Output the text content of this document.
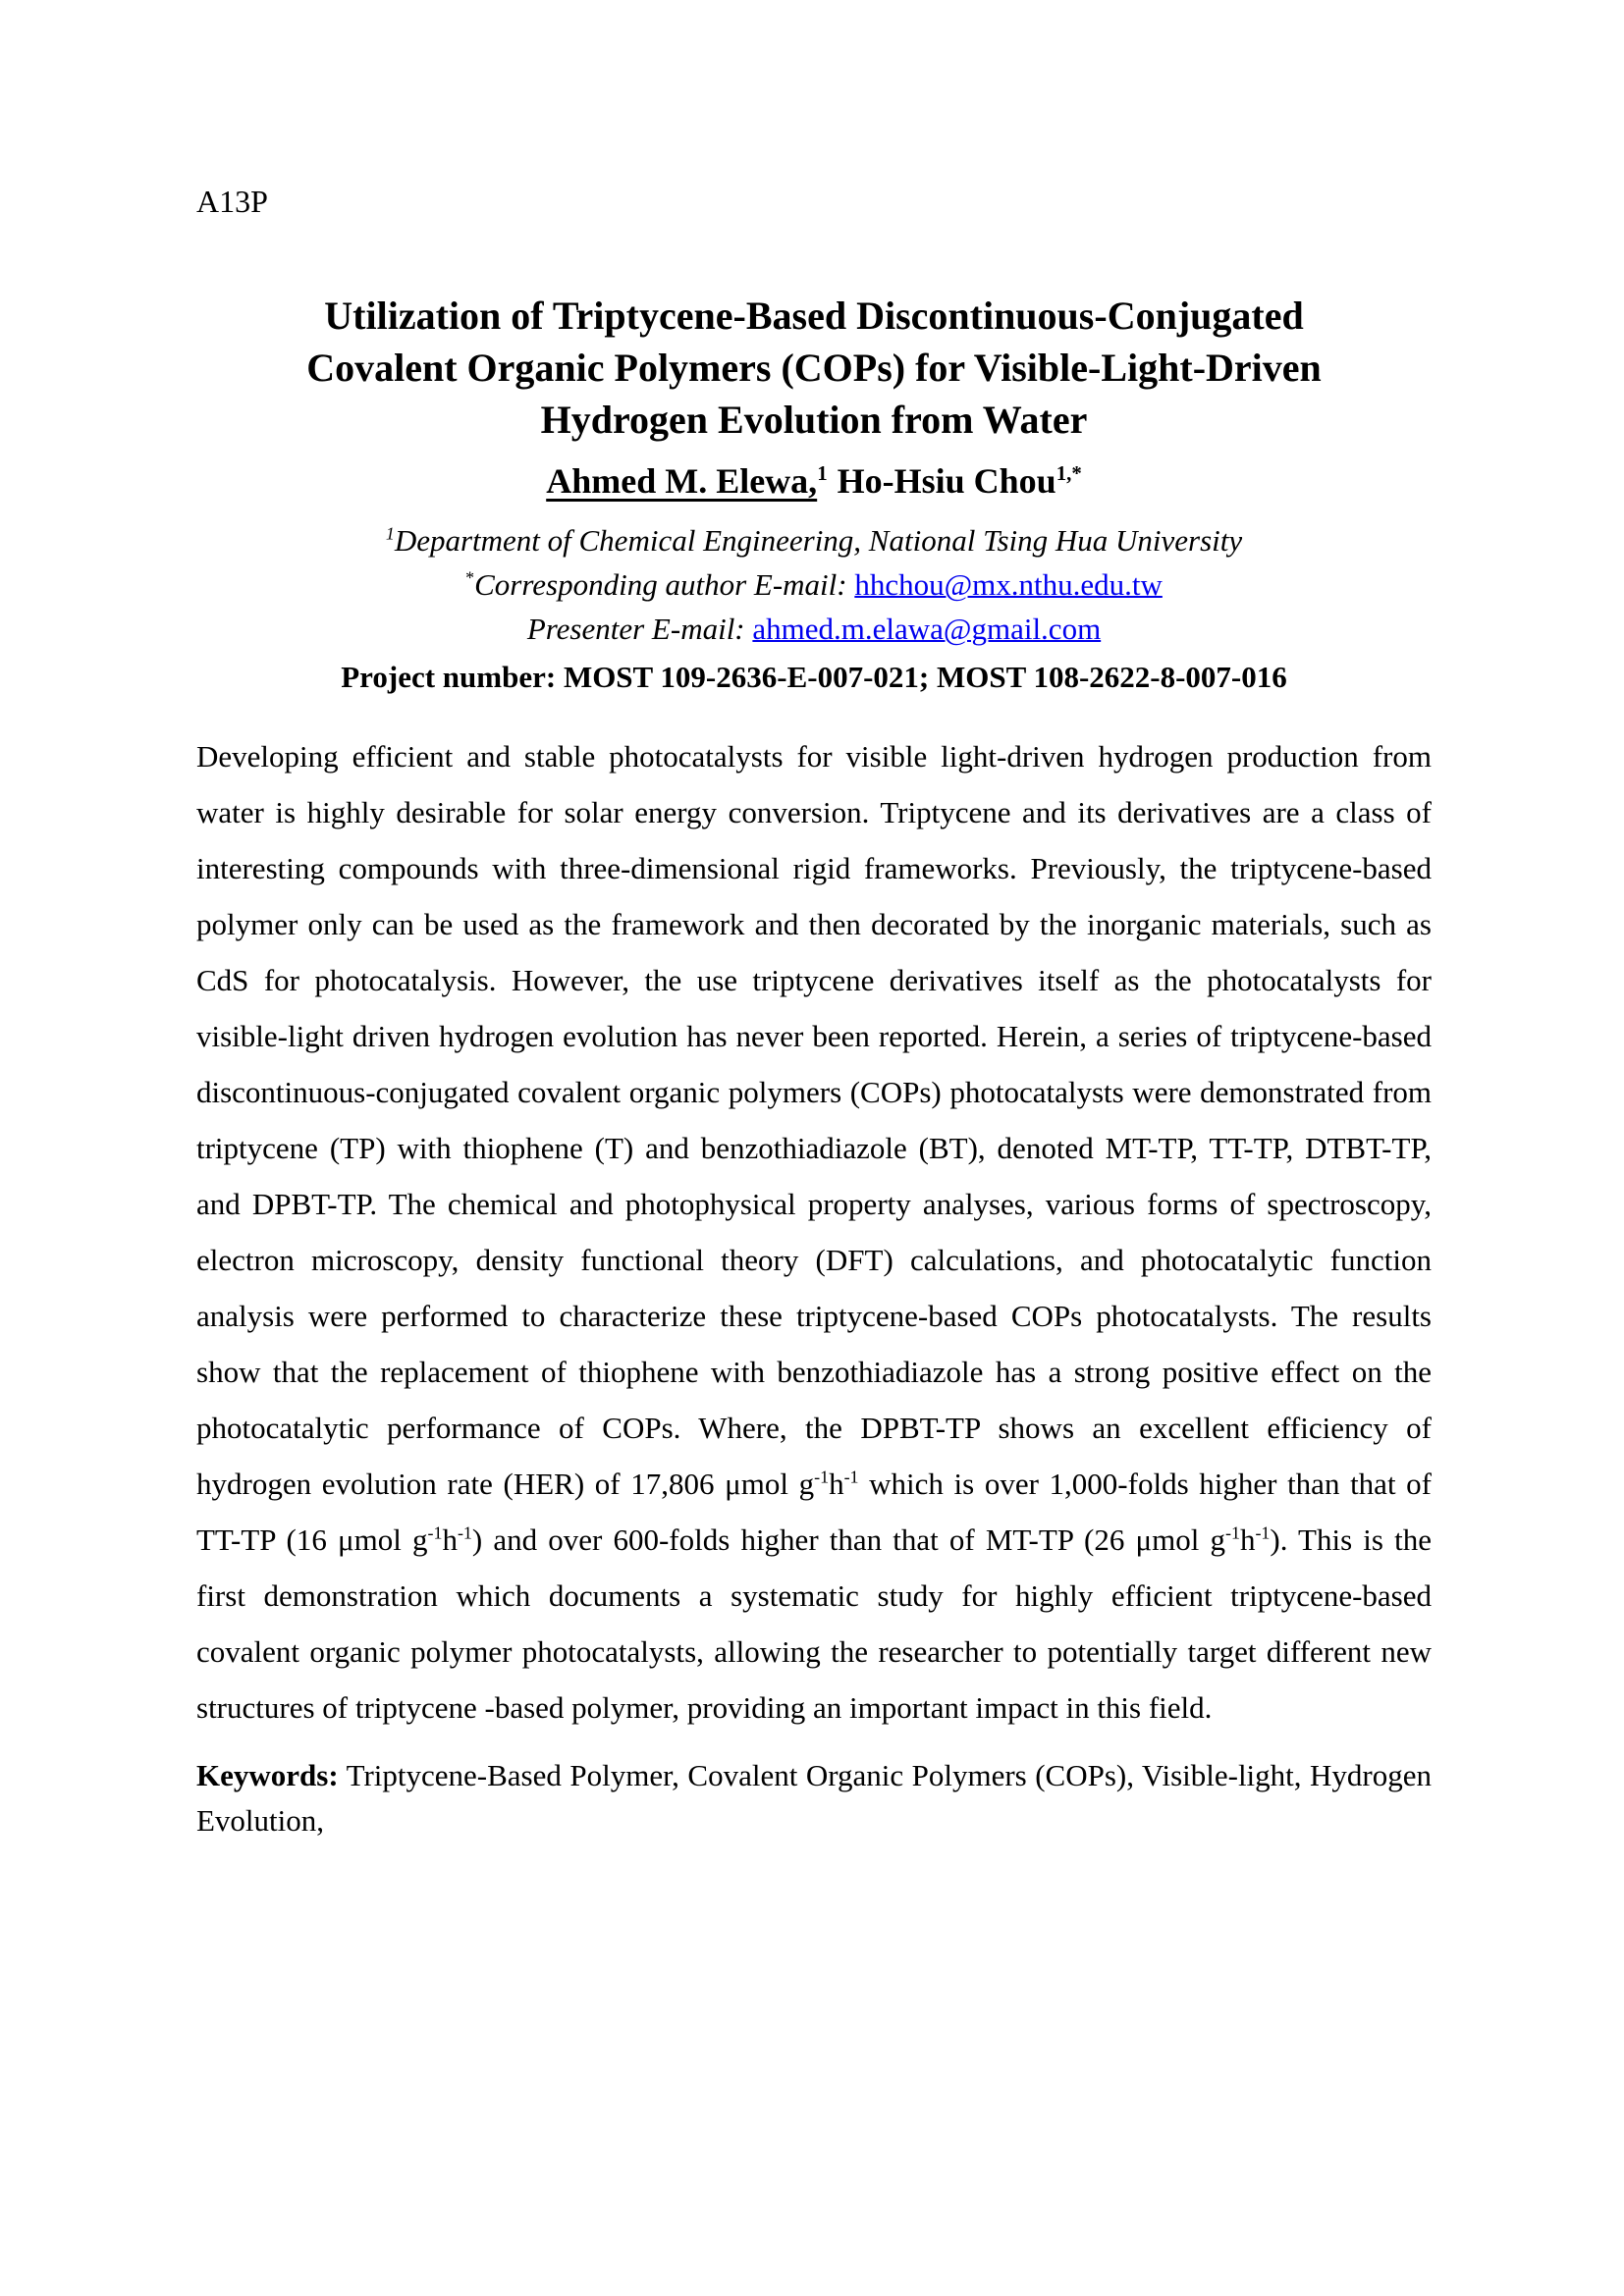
A13P
Utilization of Triptycene-Based Discontinuous-Conjugated
Covalent Organic Polymers (COPs) for Visible-Light-Driven
Hydrogen Evolution from Water
Ahmed M. Elewa,$^1$ Ho-Hsiu Chou$^{1,*}$
$^1$Department of Chemical Engineering, National Tsing Hua University
*Corresponding author E-mail: hhchou@mx.nthu.edu.tw
Presenter E-mail: ahmed.m.elawa@gmail.com
Project number: MOST 109-2636-E-007-021; MOST 108-2622-8-007-016
Developing efficient and stable photocatalysts for visible light-driven hydrogen production from water is highly desirable for solar energy conversion. Triptycene and its derivatives are a class of interesting compounds with three-dimensional rigid frameworks. Previously, the triptycene-based polymer only can be used as the framework and then decorated by the inorganic materials, such as CdS for photocatalysis. However, the use triptycene derivatives itself as the photocatalysts for visible-light driven hydrogen evolution has never been reported. Herein, a series of triptycene-based discontinuous-conjugated covalent organic polymers (COPs) photocatalysts were demonstrated from triptycene (TP) with thiophene (T) and benzothiadiazole (BT), denoted MT-TP, TT-TP, DTBT-TP, and DPBT-TP. The chemical and photophysical property analyses, various forms of spectroscopy, electron microscopy, density functional theory (DFT) calculations, and photocatalytic function analysis were performed to characterize these triptycene-based COPs photocatalysts. The results show that the replacement of thiophene with benzothiadiazole has a strong positive effect on the photocatalytic performance of COPs. Where, the DPBT-TP shows an excellent efficiency of hydrogen evolution rate (HER) of 17,806 μmol $g^{-1}h^{-1}$ which is over 1,000-folds higher than that of TT-TP (16 μmol $g^{-1}h^{-1}$) and over 600-folds higher than that of MT-TP (26 μmol $g^{-1}h^{-1}$). This is the first demonstration which documents a systematic study for highly efficient triptycene-based covalent organic polymer photocatalysts, allowing the researcher to potentially target different new structures of triptycene -based polymer, providing an important impact in this field.
Keywords: Triptycene-Based Polymer, Covalent Organic Polymers (COPs), Visible-light, Hydrogen Evolution,
